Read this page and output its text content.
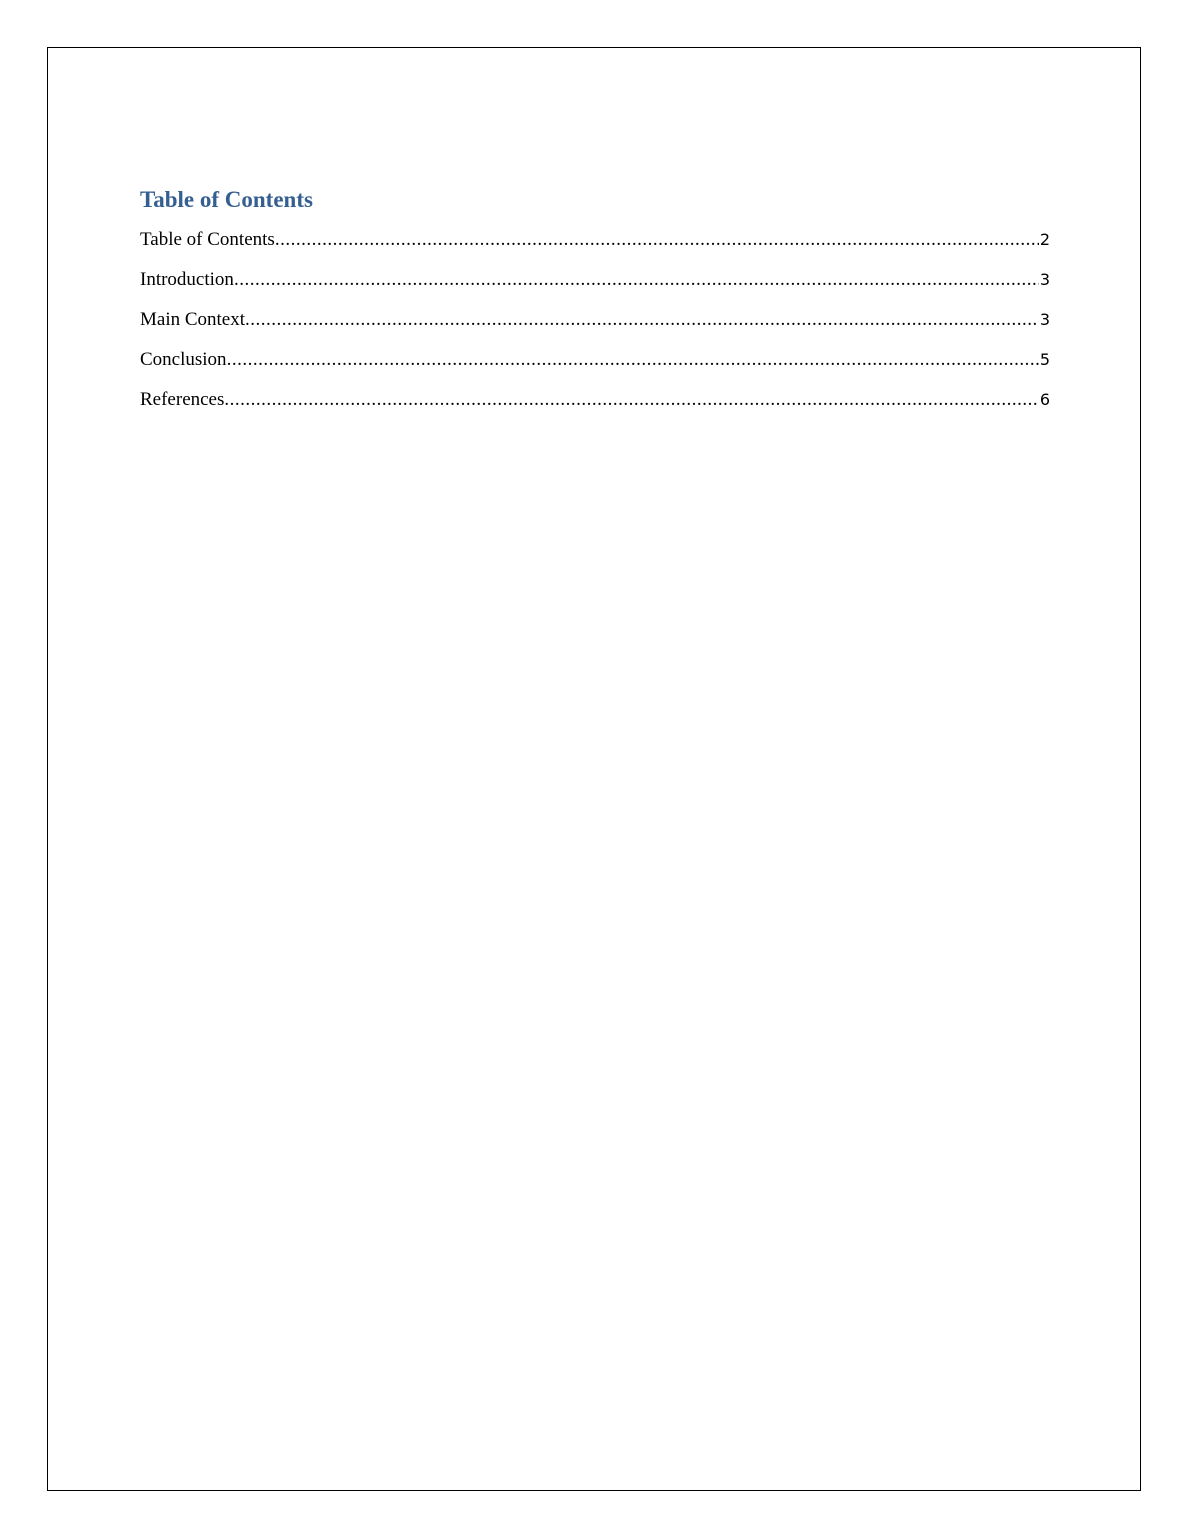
Table of Contents
Table of Contents .....	2
Introduction .....	3
Main Context .....	3
Conclusion .....	5
References .....	6
